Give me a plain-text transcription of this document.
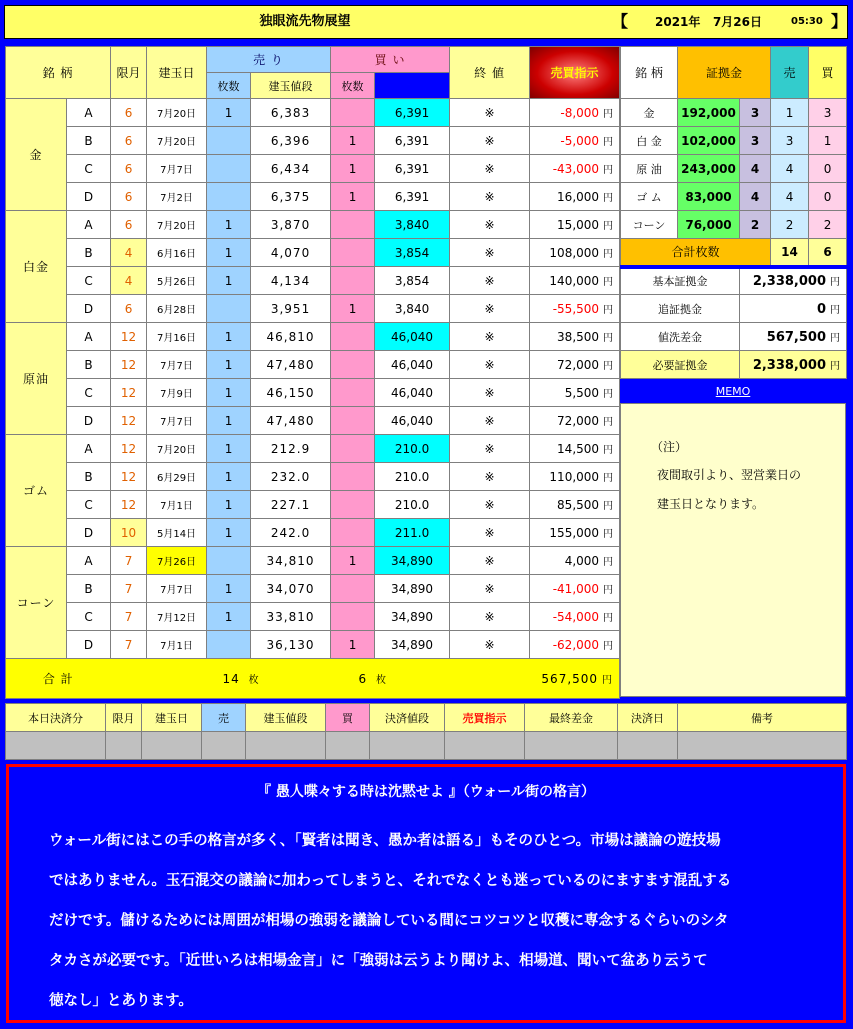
独眼流先物展望	【 2021年 7月26日	05:30 】
銘 柄		限月	建玉日	売 り		買 い		終 値	売買指示	
				枚数	建玉値段	枚数				
金	A	6	7月20日	1	6,383		6,391	※	-8,000 円	
	B	6	7月20日		6,396	1	6,391	※	-5,000 円	
	C	6	7月7日		6,434	1	6,391	※	-43,000 円	
	D	6	7月2日		6,375	1	6,391	※	16,000 円	
白金	A	6	7月20日	1	3,870		3,840	※	15,000 円	
	B	4	6月16日	1	4,070		3,854	※	108,000 円	
	C	4	5月26日	1	4,134		3,854	※	140,000 円	
	D	6	6月28日		3,951	1	3,840	※	-55,500 円	
原油	A	12	7月16日	1	46,810		46,040	※	38,500 円	
	B	12	7月7日	1	47,480		46,040	※	72,000 円	
	C	12	7月9日	1	46,150		46,040	※	5,500 円	
	D	12	7月7日	1	47,480		46,040	※	72,000 円	
ゴム	A	12	7月20日	1	212.9		210.0	※	14,500 円	
	B	12	6月29日	1	232.0		210.0	※	110,000 円	
	C	12	7月1日	1	227.1		210.0	※	85,500 円	
	D	10	5月14日	1	242.0		211.0	※	155,000 円	
コーン	A	7	7月26日		34,810	1	34,890	※	4,000 円	
	B	7	7月7日	1	34,070		34,890	※	-41,000 円	
	C	7	7月12日	1	33,810		34,890	※	-54,000 円	
	D	7	7月1日		36,130	1	34,890	※	-62,000 円	
合 計				14 枚		6 枚		567,500 円		
銘 柄	証拠金		売	買
金	192,000	3	1	3
白 金	102,000	3	3	1
原 油	243,000	4	4	0
ゴ ム	83,000	4	4	0
コーン	76,000	2	2	2
合計枚数			14	6
基本証拠金		2,338,000 円		
追証拠金		0 円		
値洗差金		567,500 円		
必要証拠金		2,338,000 円		
MEMO
（注）
夜間取引より、翌営業日の
建玉日となります。
本日決済分	限月	建玉日	売	建玉値段	買	決済値段	売買指示	最終差金	決済日	備考

『 愚人喋々する時は沈黙せよ 』（ウォール街の格言）
ウォール街にはこの手の格言が多く、「賢者は聞き、愚か者は語る」もそのひとつ。市場は議論の遊技場
ではありません。玉石混交の議論に加わってしまうと、それでなくとも迷っているのにますます混乱する
だけです。儲けるためには周囲が相場の強弱を議論している間にコツコツと収穫に専念するぐらいのシタ
タカさが必要です。「近世いろは相場金言」に「強弱は云うより聞けよ、相場道、聞いて盆あり云うて
徳なし」とあります。
